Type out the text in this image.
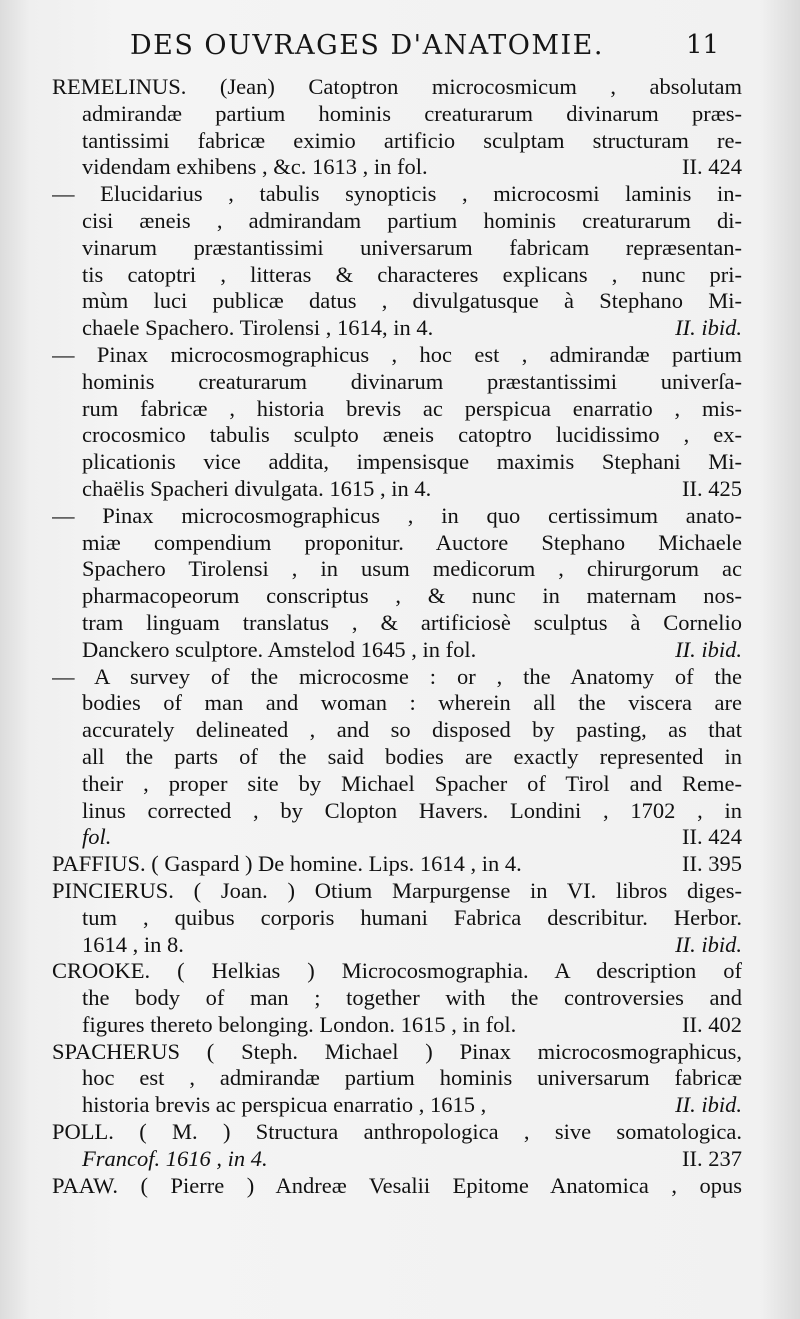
DES OUVRAGES D'ANATOMIE.	11
REMELINUS. (Jean) Catoptron microcosmicum , absolutam
admirandæ partium hominis creaturarum divinarum præs-
tantissimi fabricæ eximio artificio sculptam structuram re-
videndam exhibens , &c. 1613 , in fol.	II. 424
— Elucidarius , tabulis synopticis , microcosmi laminis in-
cisi æneis , admirandam partium hominis creaturarum di-
vinarum præstantissimi universarum fabricam repræsentan-
tis catoptri , litteras & characteres explicans , nunc pri-
mùm luci publicæ datus , divulgatusque à Stephano Mi-
chaele Spachero. Tirolensi , 1614, in 4.	II. ibid.
— Pinax microcosmographicus , hoc est , admirandæ partium
hominis creaturarum divinarum præstantissimi univerſa-
rum fabricæ , historia brevis ac perspicua enarratio , mis-
crocosmico tabulis sculpto æneis catoptro lucidissimo , ex-
plicationis vice addita, impensisque maximis Stephani Mi-
chaëlis Spacheri divulgata. 1615 , in 4.	II. 425
— Pinax microcosmographicus , in quo certissimum anato-
miæ compendium proponitur. Auctore Stephano Michaele
Spachero Tirolensi , in usum medicorum , chirurgorum ac
pharmacopeorum conscriptus , & nunc in maternam nos-
tram linguam translatus , & artificiosè sculptus à Cornelio
Danckero sculptore. Amstelod 1645 , in fol.	II. ibid.
— A survey of the microcosme : or , the Anatomy of the
bodies of man and woman : wherein all the viscera are
accurately delineated , and so disposed by pasting, as that
all the parts of the said bodies are exactly represented in
their , proper site by Michael Spacher of Tirol and Reme-
linus corrected , by Clopton Havers. Londini , 1702 , in
fol.	II. 424
PAFFIUS. ( Gaspard ) De homine. Lips. 1614 , in 4.	II. 395
PINCIERUS. ( Joan. ) Otium Marpurgense in VI. libros diges-
tum , quibus corporis humani Fabrica describitur. Herbor.
1614 , in 8.	II. ibid.
CROOKE. ( Helkias ) Microcosmographia. A description of
the body of man ; together with the controversies and
figures thereto belonging. London. 1615 , in fol.	II. 402
SPACHERUS ( Steph. Michael ) Pinax microcosmographicus,
hoc est , admirandæ partium hominis universarum fabricæ
historia brevis ac perspicua enarratio , 1615 ,	II. ibid.
POLL. ( M. ) Structura anthropologica , sive somatologica.
Francof. 1616 , in 4.	II. 237
PAAW. ( Pierre ) Andreæ Vesalii Epitome Anatomica , opus
